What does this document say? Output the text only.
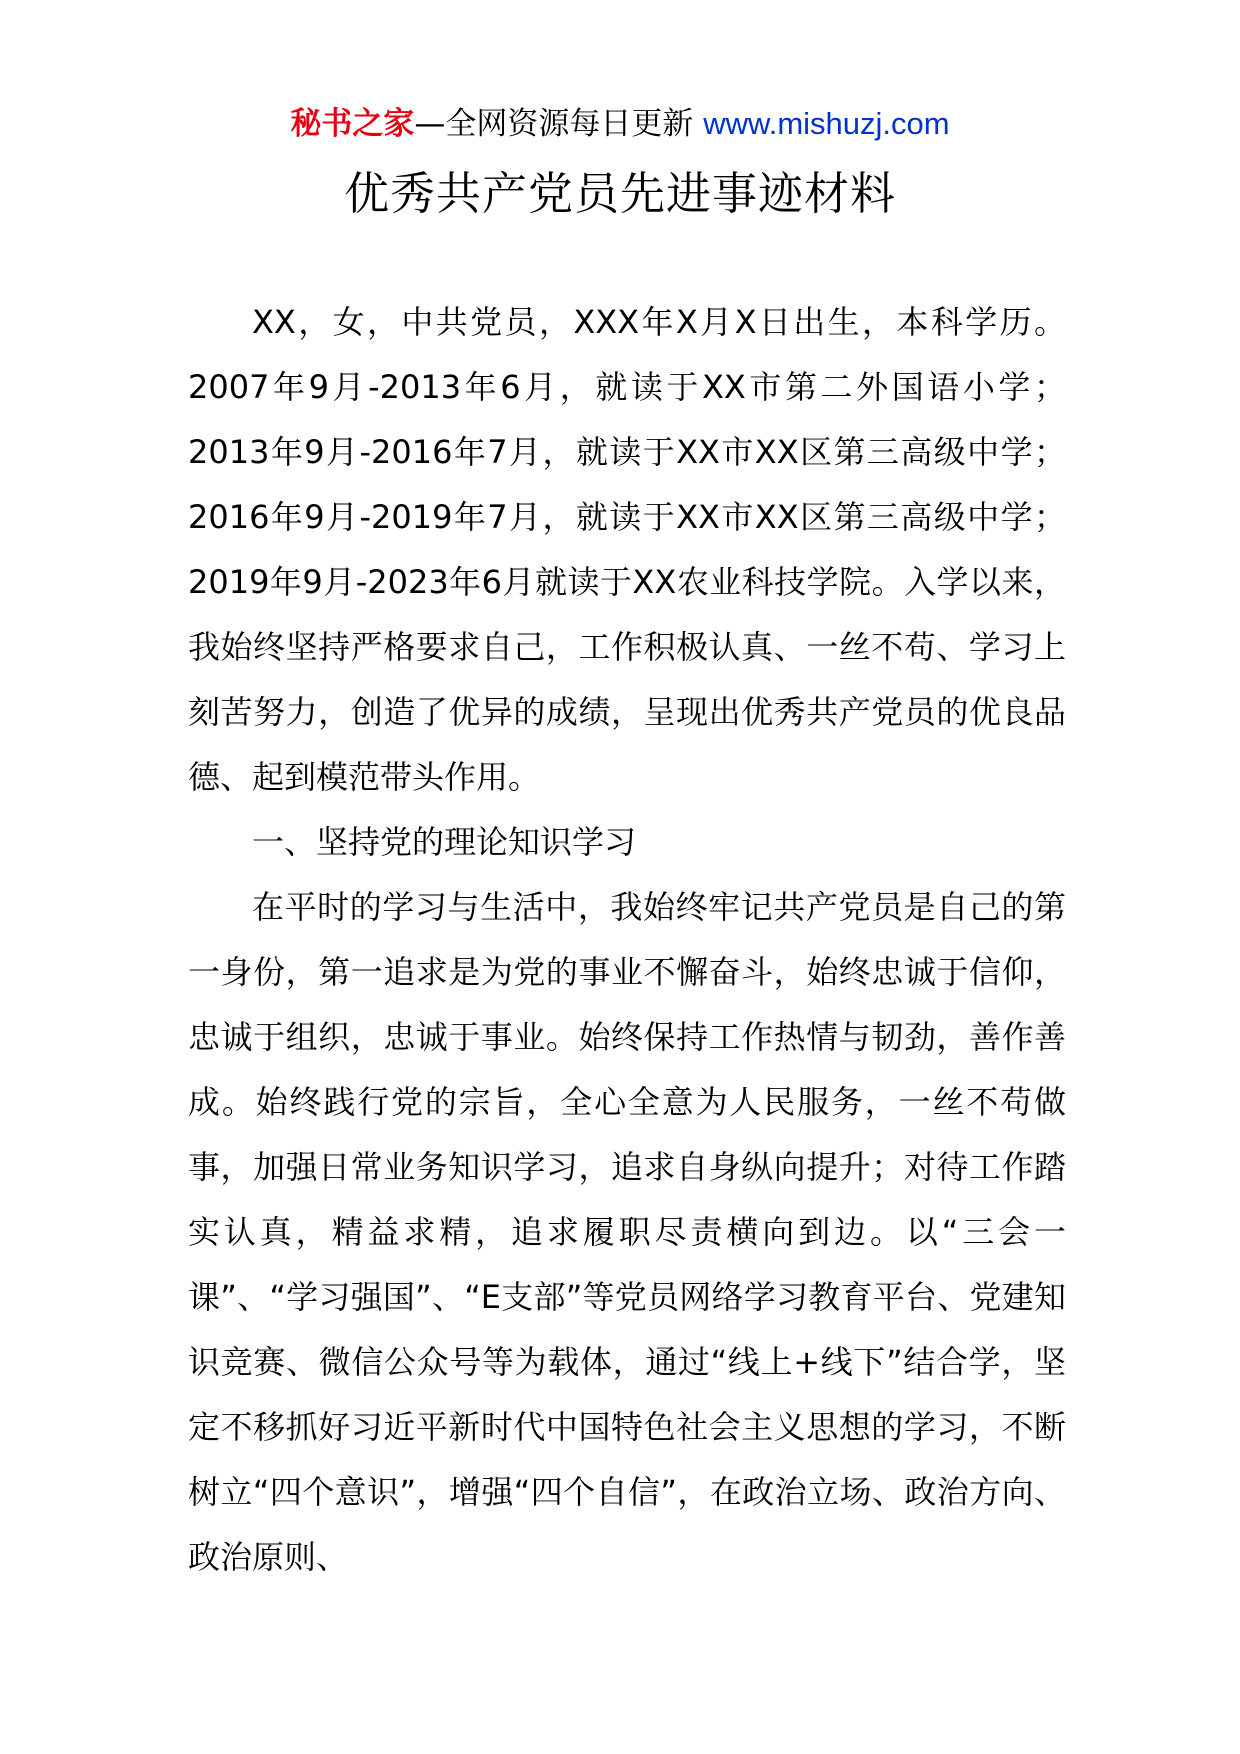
秘书之家—全网资源每日更新 www.mishuzj.com
优秀共产党员先进事迹材料

XX，女，中共党员，XXX年X月X日出生，本科学历。2007年9月-2013年6月，就读于XX市第二外国语小学；2013年9月-2016年7月，就读于XX市XX区第三高级中学；2016年9月-2019年7月，就读于XX市XX区第三高级中学；2019年9月-2023年6月就读于XX农业科技学院。入学以来，我始终坚持严格要求自己，工作积极认真、一丝不苟、学习上刻苦努力，创造了优异的成绩，呈现出优秀共产党员的优良品德、起到模范带头作用。

一、坚持党的理论知识学习

在平时的学习与生活中，我始终牢记共产党员是自己的第一身份，第一追求是为党的事业不懈奋斗，始终忠诚于信仰，忠诚于组织，忠诚于事业。始终保持工作热情与韧劲，善作善成。始终践行党的宗旨，全心全意为人民服务，一丝不苟做事，加强日常业务知识学习，追求自身纵向提升；对待工作踏实认真，精益求精，追求履职尽责横向到边。以“三会一课”、“学习强国”、“E支部”等党员网络学习教育平台、党建知识竞赛、微信公众号等为载体，通过“线上+线下”结合学，坚定不移抓好习近平新时代中国特色社会主义思想的学习，不断树立“四个意识”，增强“四个自信”，在政治立场、政治方向、政治原则、
